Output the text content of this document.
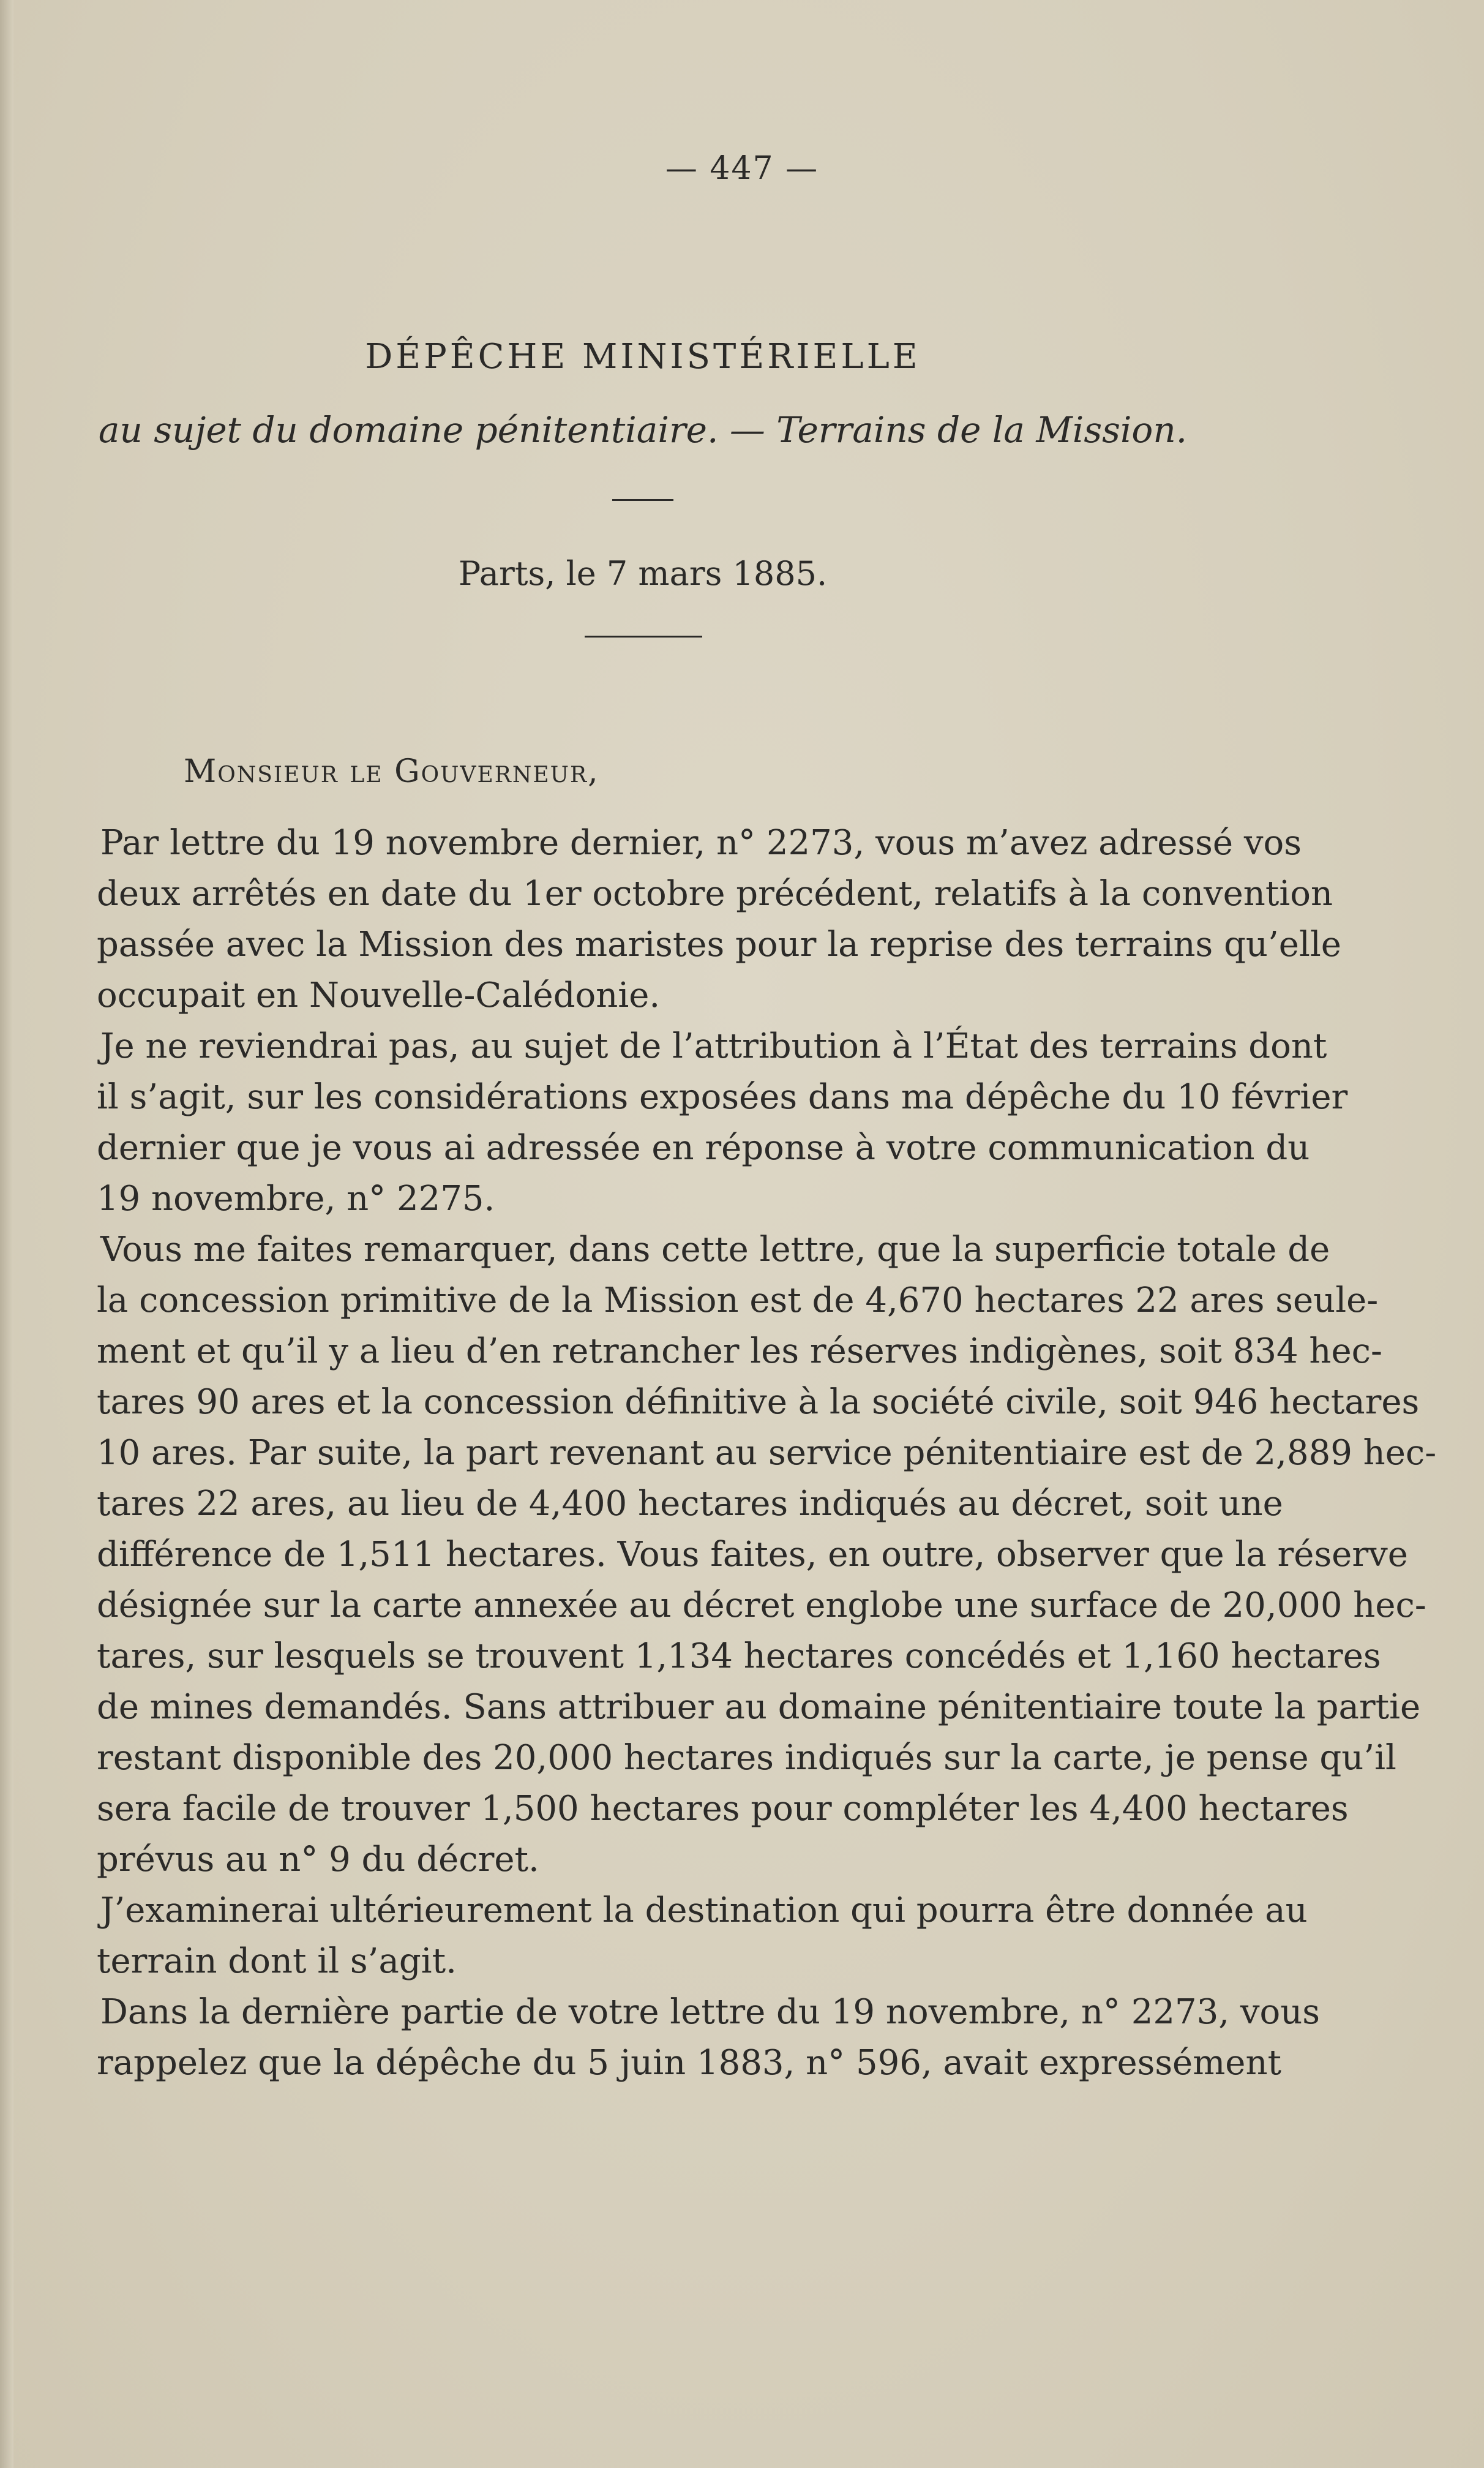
— 447 —
DÉPÊCHE MINISTÉRIELLE
au sujet du domaine pénitentiaire. — Terrains de la Mission.
Parts, le 7 mars 1885.
Monsieur le Gouverneur,

Par lettre du 19 novembre dernier, n° 2273, vous m’avez adressé vos
deux arrêtés en date du 1er octobre précédent, relatifs à la convention
passée avec la Mission des maristes pour la reprise des terrains qu’elle
occupait en Nouvelle-Calédonie.

Je ne reviendrai pas, au sujet de l’attribution à l’État des terrains dont
il s’agit, sur les considérations exposées dans ma dépêche du 10 février
dernier que je vous ai adressée en réponse à votre communication du
19 novembre, n° 2275.

Vous me faites remarquer, dans cette lettre, que la superficie totale de
la concession primitive de la Mission est de 4,670 hectares 22 ares seule-
ment et qu’il y a lieu d’en retrancher les réserves indigènes, soit 834 hec-
tares 90 ares et la concession définitive à la société civile, soit 946 hectares
10 ares. Par suite, la part revenant au service pénitentiaire est de 2,889 hec-
tares 22 ares, au lieu de 4,400 hectares indiqués au décret, soit une
différence de 1,511 hectares. Vous faites, en outre, observer que la réserve
désignée sur la carte annexée au décret englobe une surface de 20,000 hec-
tares, sur lesquels se trouvent 1,134 hectares concédés et 1,160 hectares
de mines demandés. Sans attribuer au domaine pénitentiaire toute la partie
restant disponible des 20,000 hectares indiqués sur la carte, je pense qu’il
sera facile de trouver 1,500 hectares pour compléter les 4,400 hectares
prévus au n° 9 du décret.

J’examinerai ultérieurement la destination qui pourra être donnée au
terrain dont il s’agit.

Dans la dernière partie de votre lettre du 19 novembre, n° 2273, vous
rappelez que la dépêche du 5 juin 1883, n° 596, avait expressément
